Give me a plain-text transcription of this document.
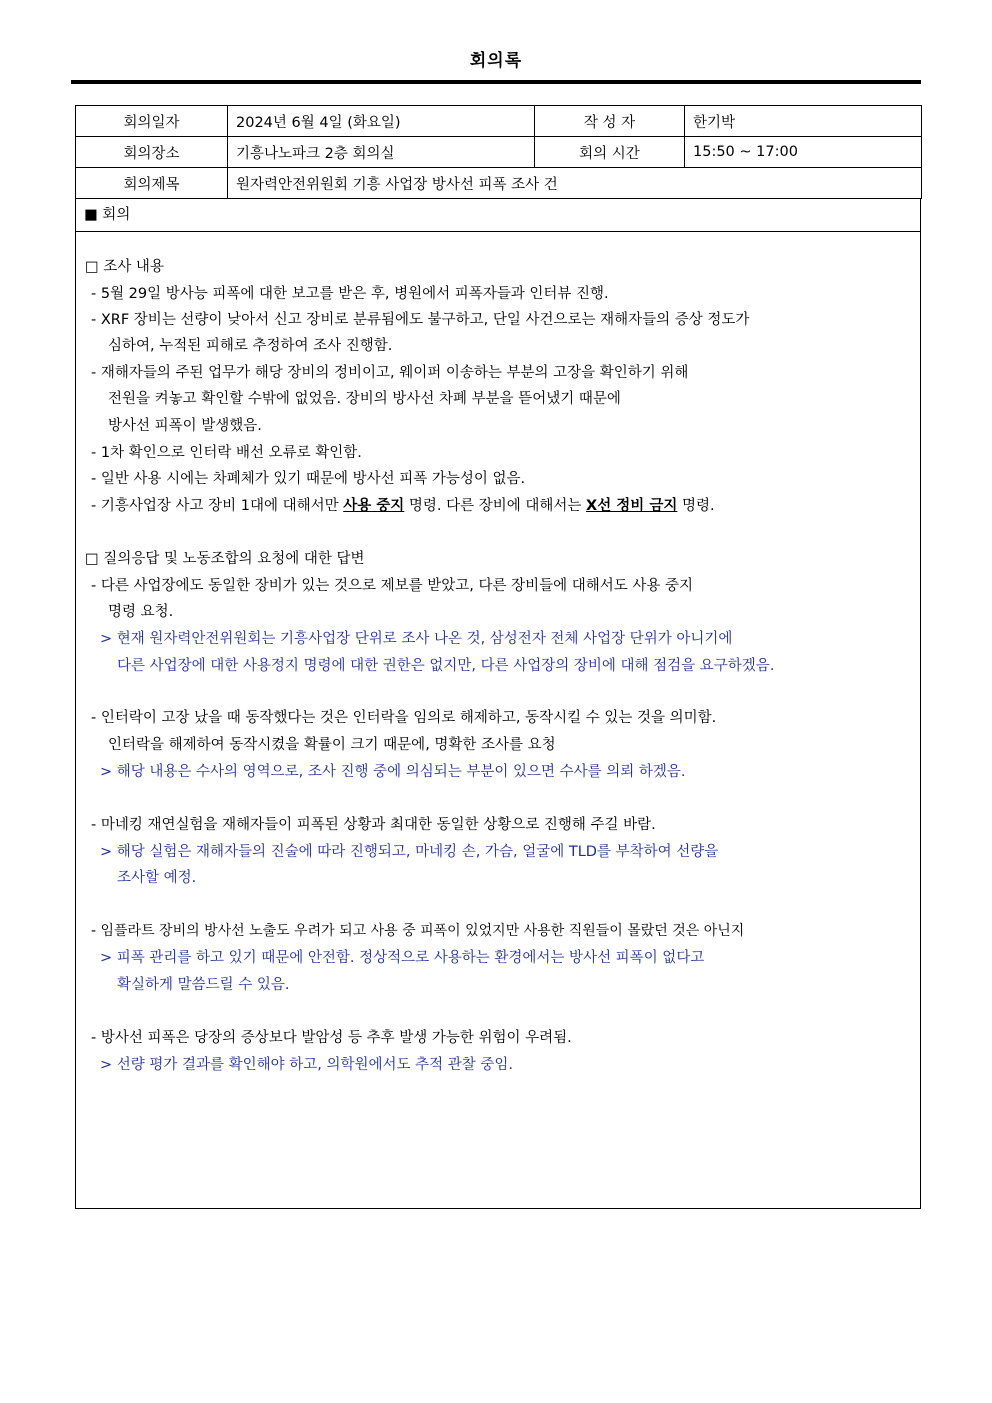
회의록
회의일자	2024년 6월 4일 (화요일)	작 성 자	한기박
회의장소	기흥나노파크 2층 회의실	회의 시간	15:50 ~ 17:00
회의제목	원자력안전위원회 기흥 사업장 방사선 피폭 조사 건		
■ 회의
□ 조사 내용
- 5월 29일 방사능 피폭에 대한 보고를 받은 후, 병원에서 피폭자들과 인터뷰 진행.
- XRF 장비는 선량이 낮아서 신고 장비로 분류됨에도 불구하고, 단일 사건으로는 재해자들의 증상 정도가
심하여, 누적된 피해로 추정하여 조사 진행함.
- 재해자들의 주된 업무가 해당 장비의 정비이고, 웨이퍼 이송하는 부분의 고장을 확인하기 위해
전원을 켜놓고 확인할 수밖에 없었음. 장비의 방사선 차폐 부분을 뜯어냈기 때문에
방사선 피폭이 발생했음.
- 1차 확인으로 인터락 배선 오류로 확인함.
- 일반 사용 시에는 차폐체가 있기 때문에 방사선 피폭 가능성이 없음.
- 기흥사업장 사고 장비 1대에 대해서만 사용 중지 명령. 다른 장비에 대해서는 X선 정비 금지 명령.
□ 질의응답 및 노동조합의 요청에 대한 답변
- 다른 사업장에도 동일한 장비가 있는 것으로 제보를 받았고, 다른 장비들에 대해서도 사용 중지
명령 요청.
> 현재 원자력안전위원회는 기흥사업장 단위로 조사 나온 것, 삼성전자 전체 사업장 단위가 아니기에
다른 사업장에 대한 사용정지 명령에 대한 권한은 없지만, 다른 사업장의 장비에 대해 점검을 요구하겠음.
- 인터락이 고장 났을 때 동작했다는 것은 인터락을 임의로 해제하고, 동작시킬 수 있는 것을 의미함.
인터락을 해제하여 동작시켰을 확률이 크기 때문에, 명확한 조사를 요청
> 해당 내용은 수사의 영역으로, 조사 진행 중에 의심되는 부분이 있으면 수사를 의뢰 하겠음.
- 마네킹 재연실험을 재해자들이 피폭된 상황과 최대한 동일한 상황으로 진행해 주길 바람.
> 해당 실험은 재해자들의 진술에 따라 진행되고, 마네킹 손, 가슴, 얼굴에 TLD를 부착하여 선량을
조사할 예정.
- 임플라트 장비의 방사선 노출도 우려가 되고 사용 중 피폭이 있었지만 사용한 직원들이 몰랐던 것은 아닌지
> 피폭 관리를 하고 있기 때문에 안전함. 정상적으로 사용하는 환경에서는 방사선 피폭이 없다고
확실하게 말씀드릴 수 있음.
- 방사선 피폭은 당장의 증상보다 발암성 등 추후 발생 가능한 위험이 우려됨.
> 선량 평가 결과를 확인해야 하고, 의학원에서도 추적 관찰 중임.
